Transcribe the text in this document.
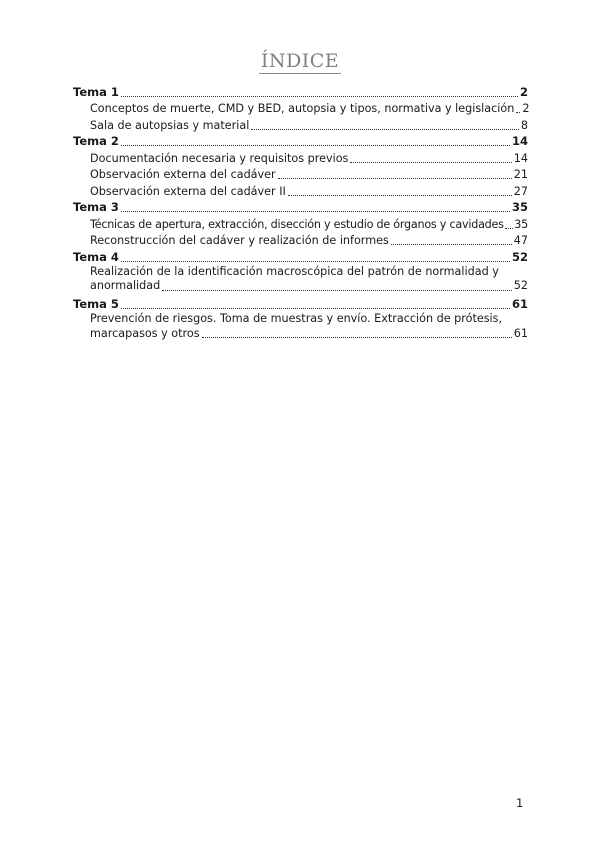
ÍNDICE
Tema 1	2
Conceptos de muerte, CMD y BED, autopsia y tipos, normativa y legislación 2
Sala de autopsias y material	8
Tema 2	14
Documentación necesaria y requisitos previos	14
Observación externa del cadáver	21
Observación externa del cadáver II	27
Tema 3	35
Técnicas de apertura, extracción, disección y estudio de órganos y cavidades 35
Reconstrucción del cadáver y realización de informes	47
Tema 4	52
Realización de la identificación macroscópica del patrón de normalidad y
anormalidad	52
Tema 5	61
Prevención de riesgos. Toma de muestras y envío. Extracción de prótesis,
marcapasos y otros	61
1
